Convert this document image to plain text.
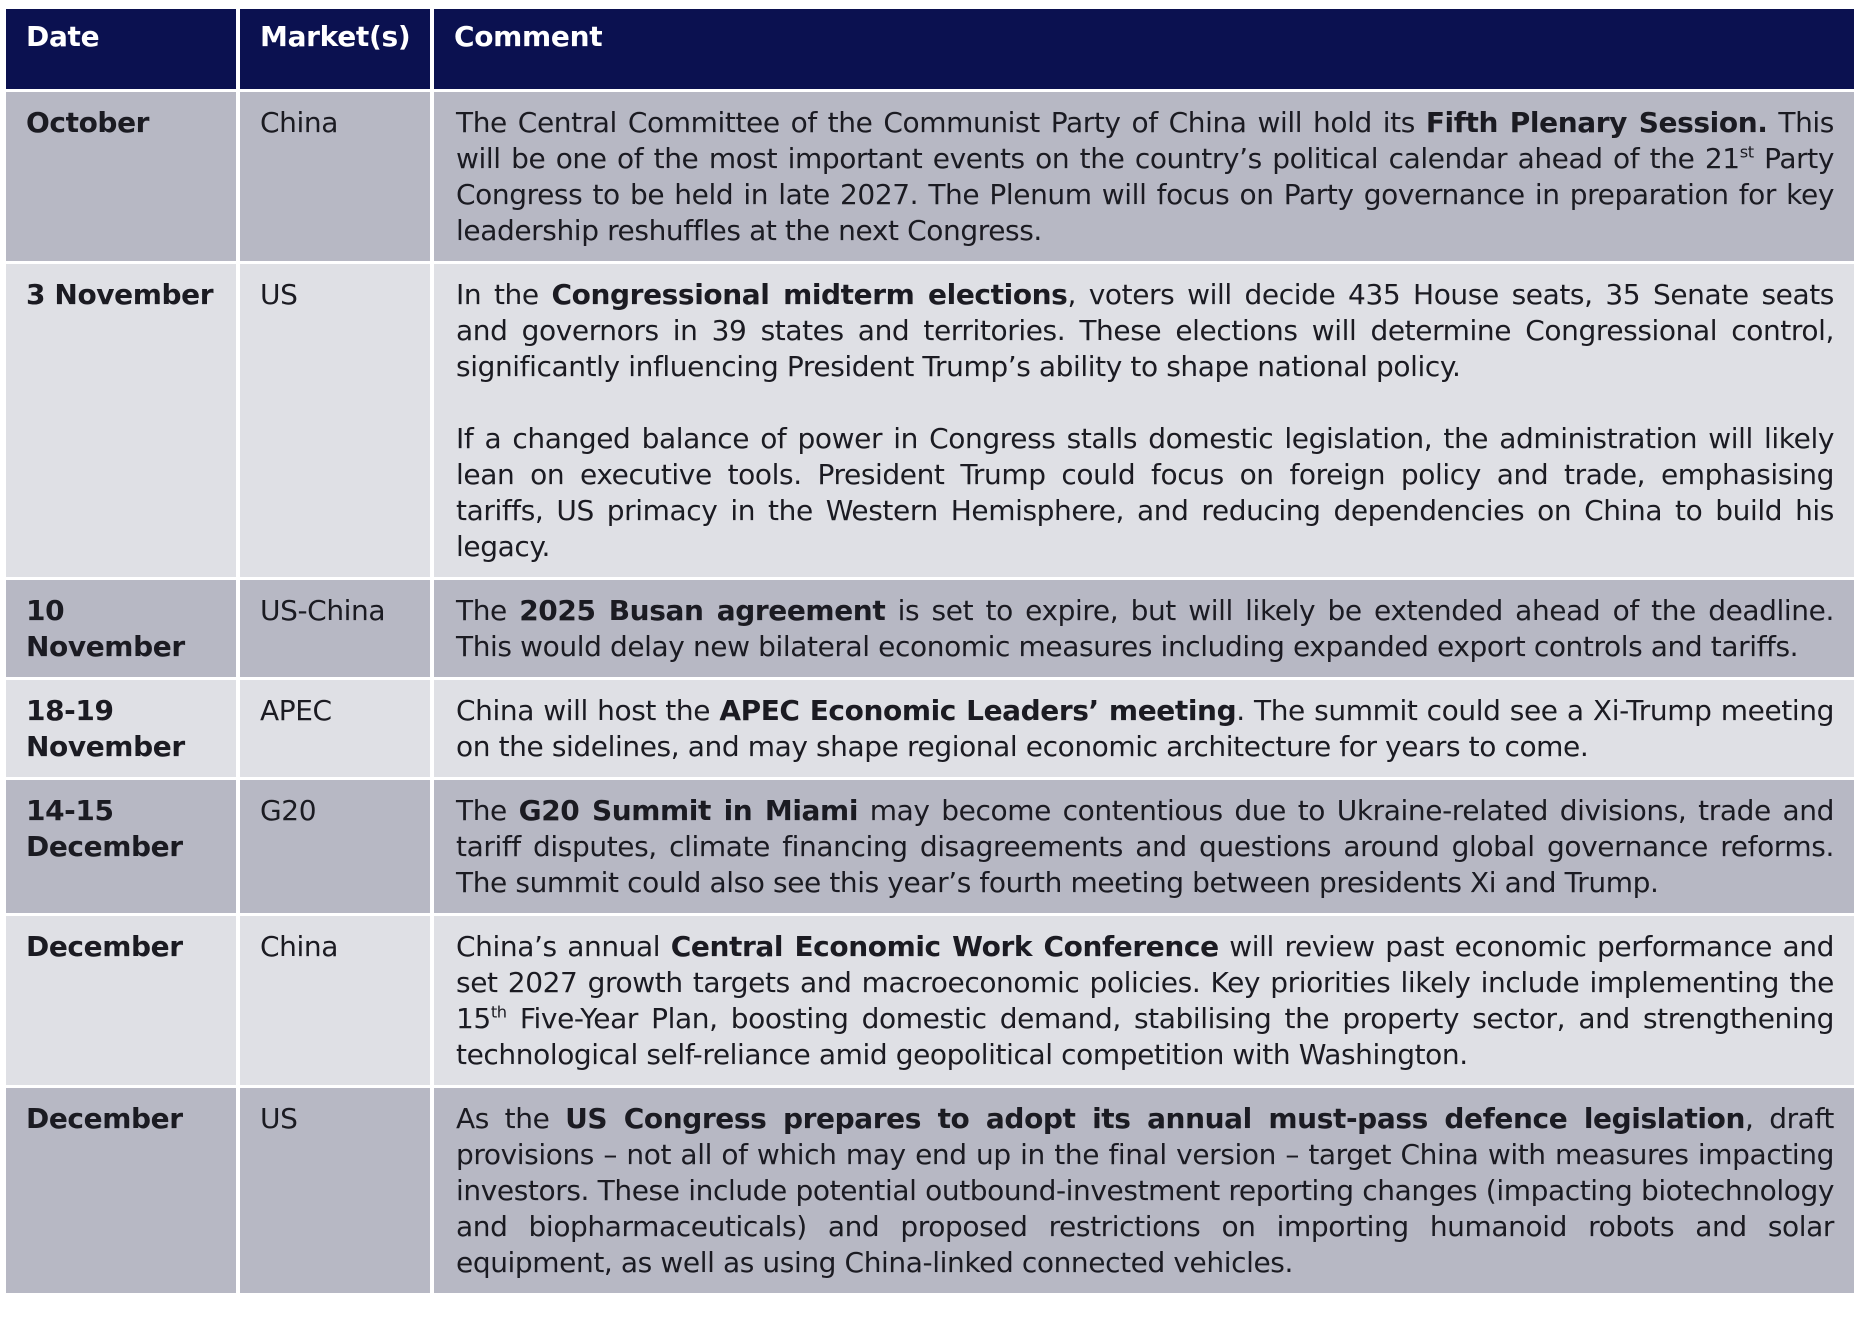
Date	Market(s)	Comment
October	China	The Central Committee of the Communist Party of China will hold its Fifth Plenary Session. This will be one of the most important events on the country’s political calendar ahead of the 21st Party Congress to be held in late 2027. The Plenum will focus on Party governance in preparation for key leadership reshuffles at the next Congress.

3 November	US	In the Congressional midterm elections, voters will decide 435 House seats, 35 Senate seats and governors in 39 states and territories. These elections will determine Congressional control, significantly influencing President Trump’s ability to shape national policy.

If a changed balance of power in Congress stalls domestic legislation, the administration will likely lean on executive tools. President Trump could focus on foreign policy and trade, emphasising tariffs, US primacy in the Western Hemisphere, and reducing dependencies on China to build his legacy.

10 November	US-China	The 2025 Busan agreement is set to expire, but will likely be extended ahead of the deadline. This would delay new bilateral economic measures including expanded export controls and tariffs.

18-19 November	APEC	China will host the APEC Economic Leaders’ meeting. The summit could see a Xi-Trump meeting on the sidelines, and may shape regional economic architecture for years to come.

14-15 December	G20	The G20 Summit in Miami may become contentious due to Ukraine-related divisions, trade and tariff disputes, climate financing disagreements and questions around global governance reforms. The summit could also see this year’s fourth meeting between presidents Xi and Trump.

December	China	China’s annual Central Economic Work Conference will review past economic performance and set 2027 growth targets and macroeconomic policies. Key priorities likely include implementing the 15th Five-Year Plan, boosting domestic demand, stabilising the property sector, and strengthening technological self-reliance amid geopolitical competition with Washington.

December	US	As the US Congress prepares to adopt its annual must-pass defence legislation, draft provisions – not all of which may end up in the final version – target China with measures impacting investors. These include potential outbound-investment reporting changes (impacting biotechnology and biopharmaceuticals) and proposed restrictions on importing humanoid robots and solar equipment, as well as using China-linked connected vehicles.
